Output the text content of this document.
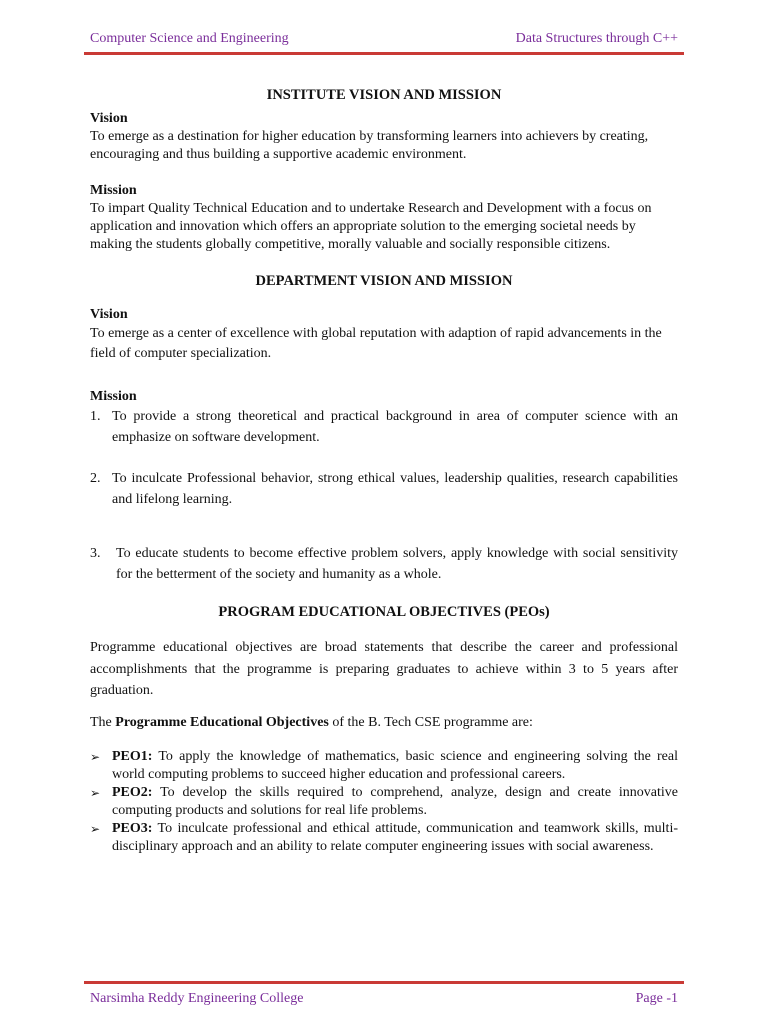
Computer Science and Engineering	Data Structures through C++
INSTITUTE VISION AND MISSION

Vision

To emerge as a destination for higher education by transforming learners into achievers by creating, encouraging and thus building a supportive academic environment.

Mission

To impart Quality Technical Education and to undertake Research and Development with a focus on application and innovation which offers an appropriate solution to the emerging societal needs by making the students globally competitive, morally valuable and socially responsible citizens.

DEPARTMENT VISION AND MISSION

Vision

To emerge as a center of excellence with global reputation with adaption of rapid advancements in the field of computer specialization.

Mission

1. To provide a strong theoretical and practical background in area of computer science with an emphasize on software development.
2. To inculcate Professional behavior, strong ethical values, leadership qualities, research capabilities and lifelong learning.
3.	To educate students to become effective problem solvers, apply knowledge with social sensitivity for the betterment of the society and humanity as a whole.
PROGRAM EDUCATIONAL OBJECTIVES (PEOs)

Programme educational objectives are broad statements that describe the career and professional accomplishments that the programme is preparing graduates to achieve within 3 to 5 years after graduation.

The Programme Educational Objectives of the B. Tech CSE programme are:

➢ PEO1: To apply the knowledge of mathematics, basic science and engineering solving the real world computing problems to succeed higher education and professional careers.
➢ PEO2: To develop the skills required to comprehend, analyze, design and create innovative computing products and solutions for real life problems.
➢ PEO3: To inculcate professional and ethical attitude, communication and teamwork skills, multi-disciplinary approach and an ability to relate computer engineering issues with social awareness.
Narsimha Reddy Engineering College	Page -1
